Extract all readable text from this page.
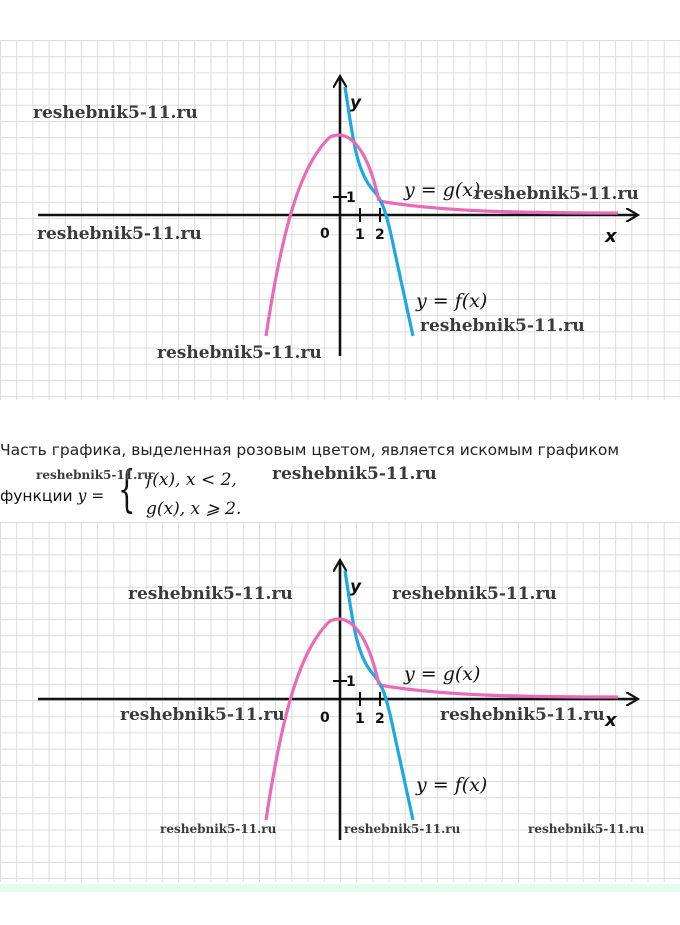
y
x
0 1 2
1	y = g(x)
y = f(x)
reshebnik5-11.ru
reshebnik5-11.ru
reshebnik5-11.ru
reshebnik5-11.ru
reshebnik5-11.ru
Часть графика, выделенная розовым цветом, является искомым графиком
функции y = { f(x), x < 2,
g(x), x ⩾ 2.
reshebnik5-11.ru	reshebnik5-11.ru
y
x
0 1 2
1	y = g(x)
y = f(x)
reshebnik5-11.ru	reshebnik5-11.ru
reshebnik5-11.ru	reshebnik5-11.ru
reshebnik5-11.ru	reshebnik5-11.ru	reshebnik5-11.ru
